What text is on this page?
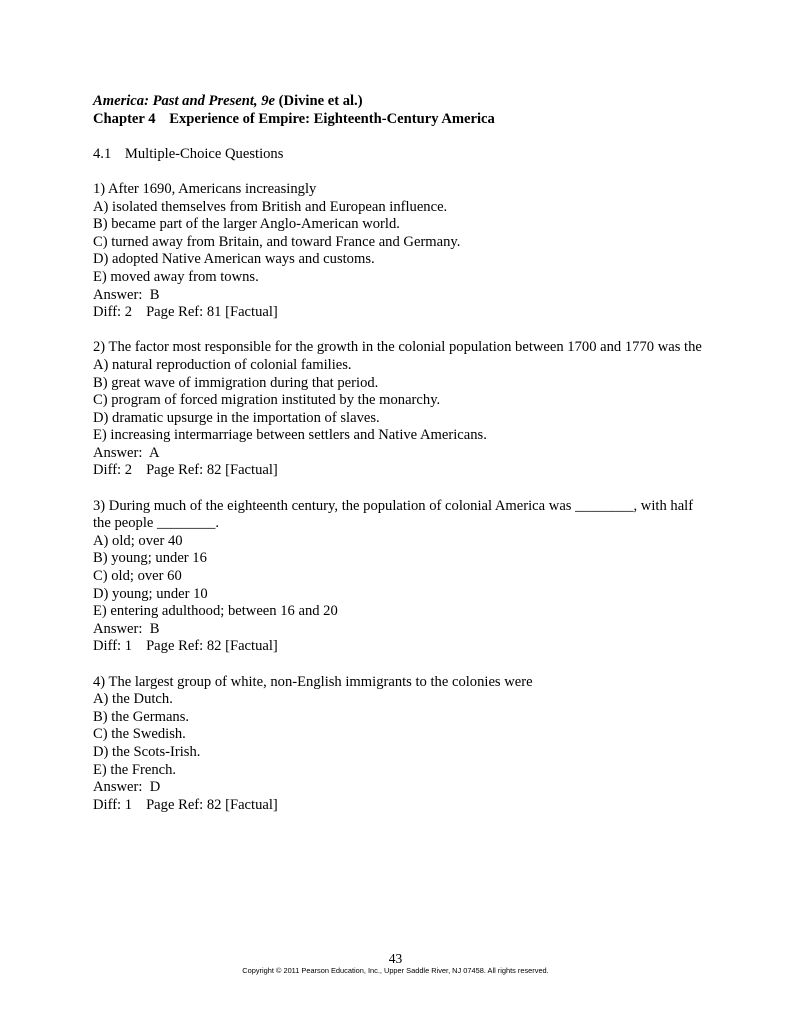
America: Past and Present, 9e (Divine et al.)
Chapter 4 Experience of Empire: Eighteenth-Century America
4.1 Multiple-Choice Questions
1) After 1690, Americans increasingly
A) isolated themselves from British and European influence.
B) became part of the larger Anglo-American world.
C) turned away from Britain, and toward France and Germany.
D) adopted Native American ways and customs.
E) moved away from towns.
Answer:  B
Diff: 2 Page Ref: 81 [Factual]
2) The factor most responsible for the growth in the colonial population between 1700 and 1770 was the
A) natural reproduction of colonial families.
B) great wave of immigration during that period.
C) program of forced migration instituted by the monarchy.
D) dramatic upsurge in the importation of slaves.
E) increasing intermarriage between settlers and Native Americans.
Answer:  A
Diff: 2 Page Ref: 82 [Factual]
3) During much of the eighteenth century, the population of colonial America was ________, with half the people ________.
A) old; over 40
B) young; under 16
C) old; over 60
D) young; under 10
E) entering adulthood; between 16 and 20
Answer:  B
Diff: 1 Page Ref: 82 [Factual]
4) The largest group of white, non-English immigrants to the colonies were
A) the Dutch.
B) the Germans.
C) the Swedish.
D) the Scots-Irish.
E) the French.
Answer:  D
Diff: 1 Page Ref: 82 [Factual]
43
Copyright © 2011 Pearson Education, Inc., Upper Saddle River, NJ 07458. All rights reserved.
